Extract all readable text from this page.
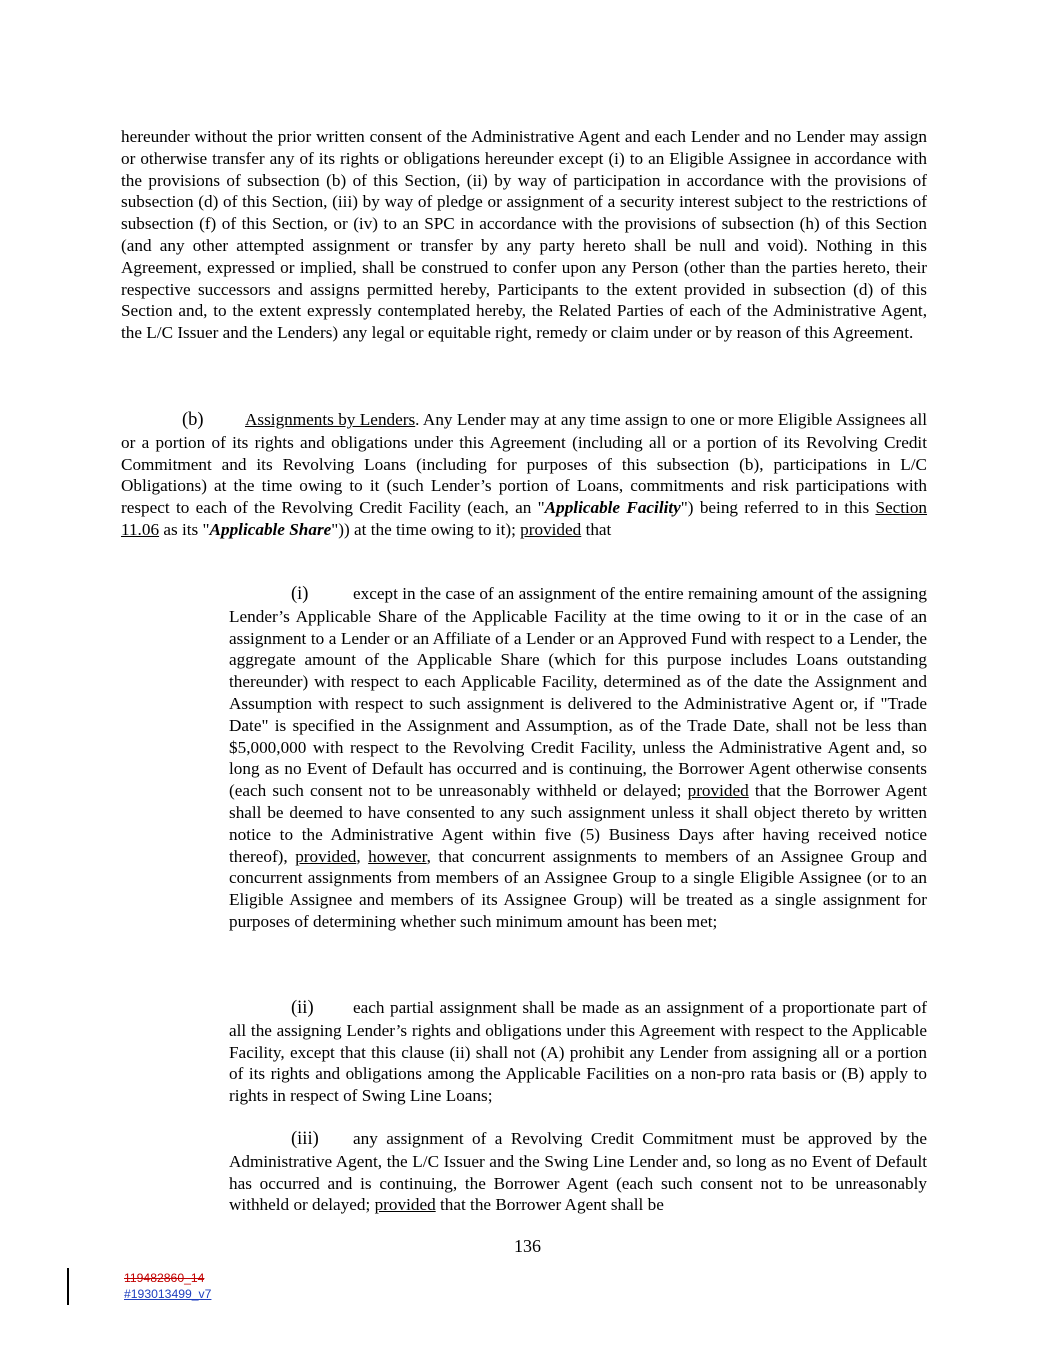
hereunder without the prior written consent of the Administrative Agent and each Lender and no Lender may assign or otherwise transfer any of its rights or obligations hereunder except (i) to an Eligible Assignee in accordance with the provisions of subsection (b) of this Section, (ii) by way of participation in accordance with the provisions of subsection (d) of this Section, (iii) by way of pledge or assignment of a security interest subject to the restrictions of subsection (f) of this Section, or (iv) to an SPC in accordance with the provisions of subsection (h) of this Section (and any other attempted assignment or transfer by any party hereto shall be null and void). Nothing in this Agreement, expressed or implied, shall be construed to confer upon any Person (other than the parties hereto, their respective successors and assigns permitted hereby, Participants to the extent provided in subsection (d) of this Section and, to the extent expressly contemplated hereby, the Related Parties of each of the Administrative Agent, the L/C Issuer and the Lenders) any legal or equitable right, remedy or claim under or by reason of this Agreement.

(b) Assignments by Lenders. Any Lender may at any time assign to one or more Eligible Assignees all or a portion of its rights and obligations under this Agreement (including all or a portion of its Revolving Credit Commitment and its Revolving Loans (including for purposes of this subsection (b), participations in L/C Obligations) at the time owing to it (such Lender’s portion of Loans, commitments and risk participations with respect to each of the Revolving Credit Facility (each, an "Applicable Facility") being referred to in this Section 11.06 as its "Applicable Share")) at the time owing to it); provided that

(i)	except in the case of an assignment of the entire remaining amount of the assigning Lender’s Applicable Share of the Applicable Facility at the time owing to it or in the case of an assignment to a Lender or an Affiliate of a Lender or an Approved Fund with respect to a Lender, the aggregate amount of the Applicable Share (which for this purpose includes Loans outstanding thereunder) with respect to each Applicable Facility, determined as of the date the Assignment and Assumption with respect to such assignment is delivered to the Administrative Agent or, if "Trade Date" is specified in the Assignment and Assumption, as of the Trade Date, shall not be less than $5,000,000 with respect to the Revolving Credit Facility, unless the Administrative Agent and, so long as no Event of Default has occurred and is continuing, the Borrower Agent otherwise consents (each such consent not to be unreasonably withheld or delayed; provided that the Borrower Agent shall be deemed to have consented to any such assignment unless it shall object thereto by written notice to the Administrative Agent within five (5) Business Days after having received notice thereof), provided, however, that concurrent assignments to members of an Assignee Group and concurrent assignments from members of an Assignee Group to a single Eligible Assignee (or to an Eligible Assignee and members of its Assignee Group) will be treated as a single assignment for purposes of determining whether such minimum amount has been met;

(ii) each partial assignment shall be made as an assignment of a proportionate part of all the assigning Lender’s rights and obligations under this Agreement with respect to the Applicable Facility, except that this clause (ii) shall not (A) prohibit any Lender from assigning all or a portion of its rights and obligations among the Applicable Facilities on a non-pro rata basis or (B) apply to rights in respect of Swing Line Loans;

(iii) any assignment of a Revolving Credit Commitment must be approved by the Administrative Agent, the L/C Issuer and the Swing Line Lender and, so long as no Event of Default has occurred and is continuing, the Borrower Agent (each such consent not to be unreasonably withheld or delayed; provided that the Borrower Agent shall be

136
119482860_14
#193013499_v7
